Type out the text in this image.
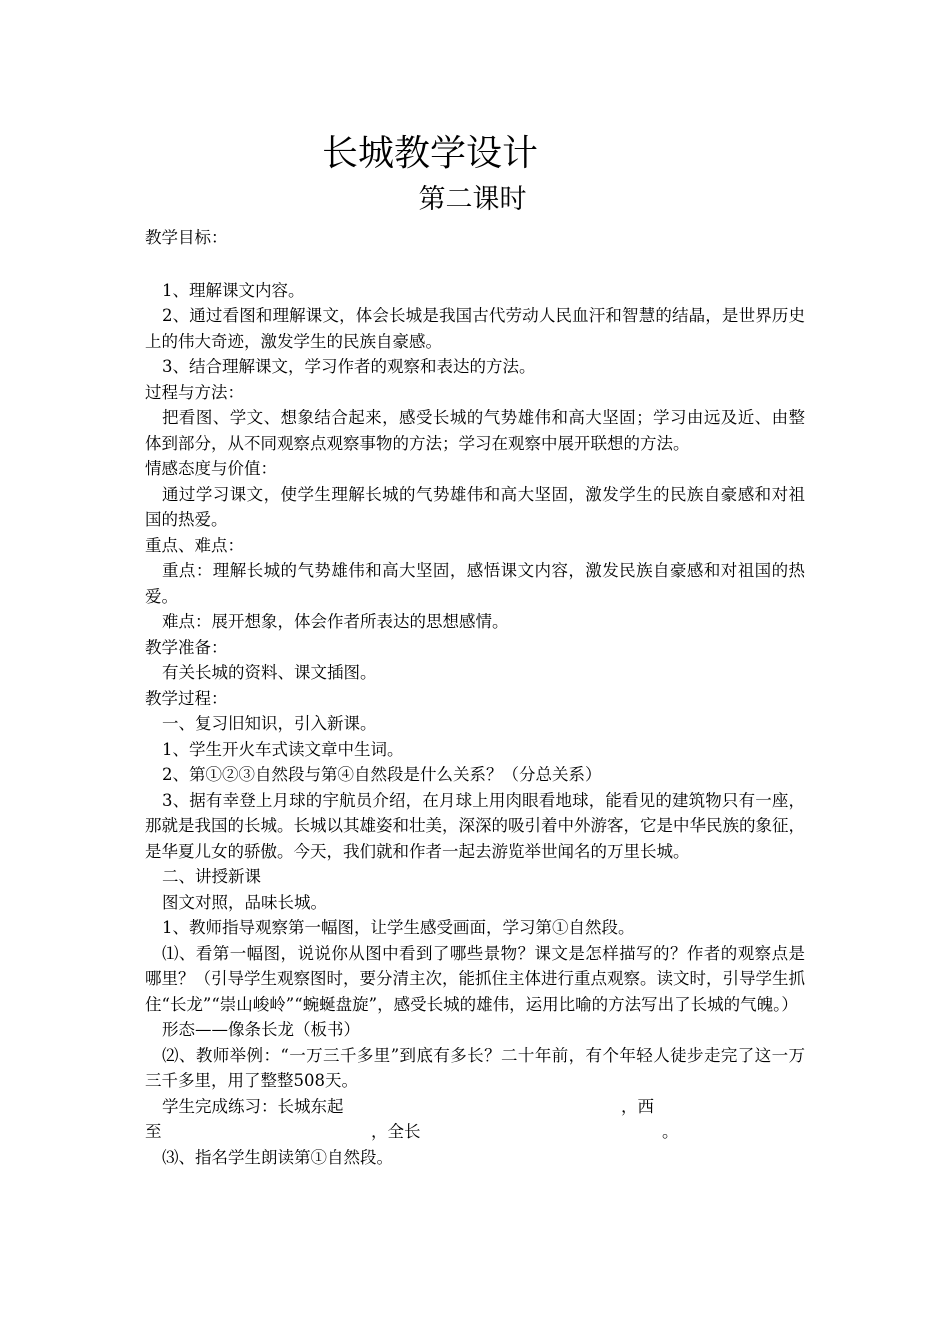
长城教学设计
第二课时

教学目标：

1、理解课文内容。

2、通过看图和理解课文，体会长城是我国古代劳动人民血汗和智慧的结晶，是世界历史上的伟大奇迹，激发学生的民族自豪感。

3、结合理解课文，学习作者的观察和表达的方法。

过程与方法：

把看图、学文、想象结合起来，感受长城的气势雄伟和高大坚固；学习由远及近、由整体到部分，从不同观察点观察事物的方法；学习在观察中展开联想的方法。

情感态度与价值：

通过学习课文，使学生理解长城的气势雄伟和高大坚固，激发学生的民族自豪感和对祖国的热爱。

重点、难点：

重点：理解长城的气势雄伟和高大坚固，感悟课文内容，激发民族自豪感和对祖国的热爱。

难点：展开想象，体会作者所表达的思想感情。

教学准备：

有关长城的资料、课文插图。

教学过程：

一、复习旧知识，引入新课。

1、学生开火车式读文章中生词。

2、第①②③自然段与第④自然段是什么关系？（分总关系）

3、据有幸登上月球的宇航员介绍，在月球上用肉眼看地球，能看见的建筑物只有一座，那就是我国的长城。长城以其雄姿和壮美，深深的吸引着中外游客，它是中华民族的象征，是华夏儿女的骄傲。今天，我们就和作者一起去游览举世闻名的万里长城。

二、讲授新课

图文对照，品味长城。

1、教师指导观察第一幅图，让学生感受画面，学习第①自然段。

⑴、看第一幅图，说说你从图中看到了哪些景物？课文是怎样描写的？作者的观察点是哪里？（引导学生观察图时，要分清主次，能抓住主体进行重点观察。读文时，引导学生抓住“长龙”“崇山峻岭”“蜿蜒盘旋”，感受长城的雄伟，运用比喻的方法写出了长城的气魄。）

形态——像条长龙（板书）

⑵、教师举例：“一万三千多里”到底有多长？二十年前，有个年轻人徒步走完了这一万三千多里，用了整整508天。

学生完成练习：长城东起	，西
至	，全长	。

⑶、指名学生朗读第①自然段。
